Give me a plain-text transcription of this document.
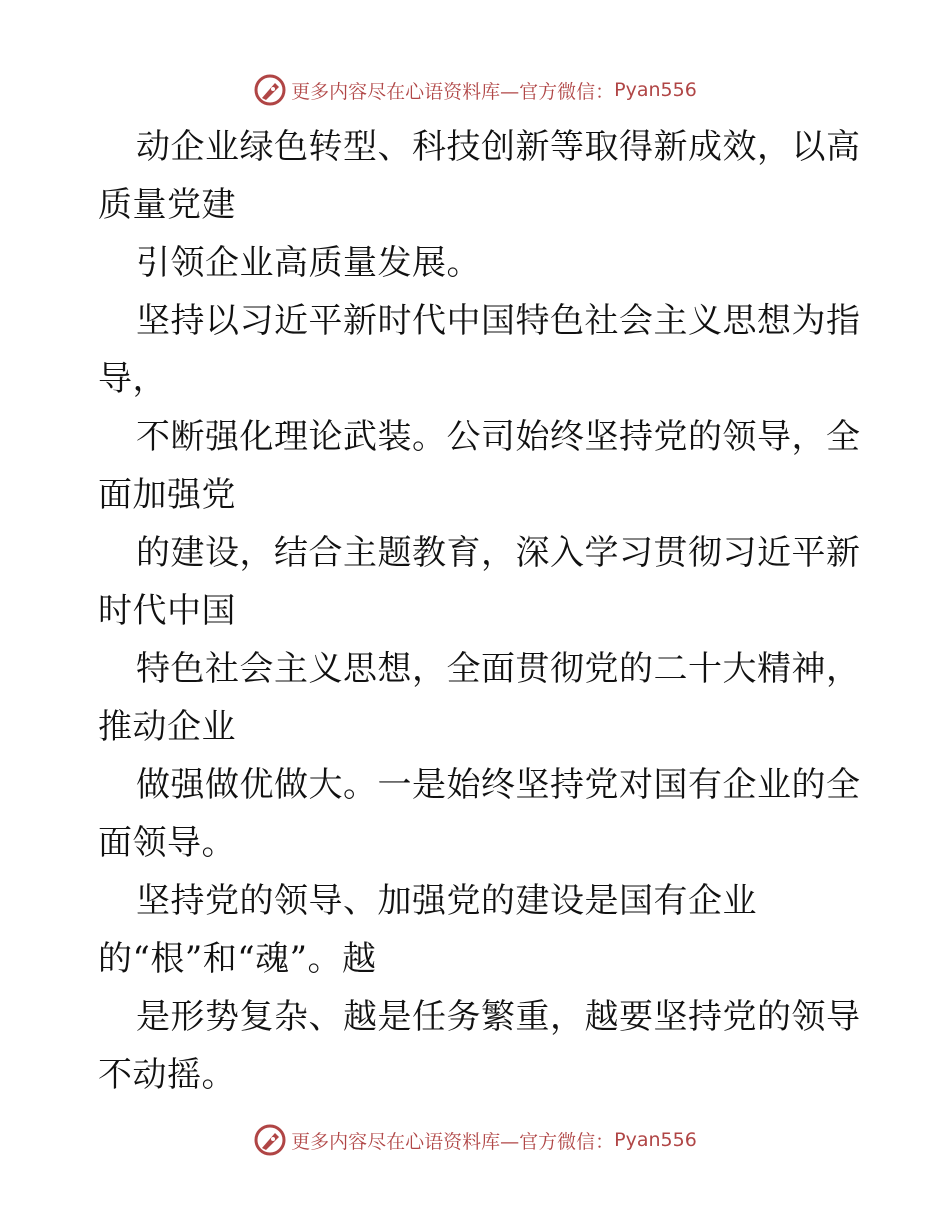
更多内容尽在心语资料库—官方微信： Pyan556
动企业绿色转型、科技创新等取得新成效，以高
质量党建
引领企业高质量发展。
坚持以习近平新时代中国特色社会主义思想为指
导，
不断强化理论武装。公司始终坚持党的领导，全
面加强党
的建设，结合主题教育，深入学习贯彻习近平新
时代中国
特色社会主义思想，全面贯彻党的二十大精神，
推动企业
做强做优做大。一是始终坚持党对国有企业的全
面领导。
坚持党的领导、加强党的建设是国有企业
的“根”和“魂”。越
是形势复杂、越是任务繁重，越要坚持党的领导
不动摇。
更多内容尽在心语资料库—官方微信： Pyan556
